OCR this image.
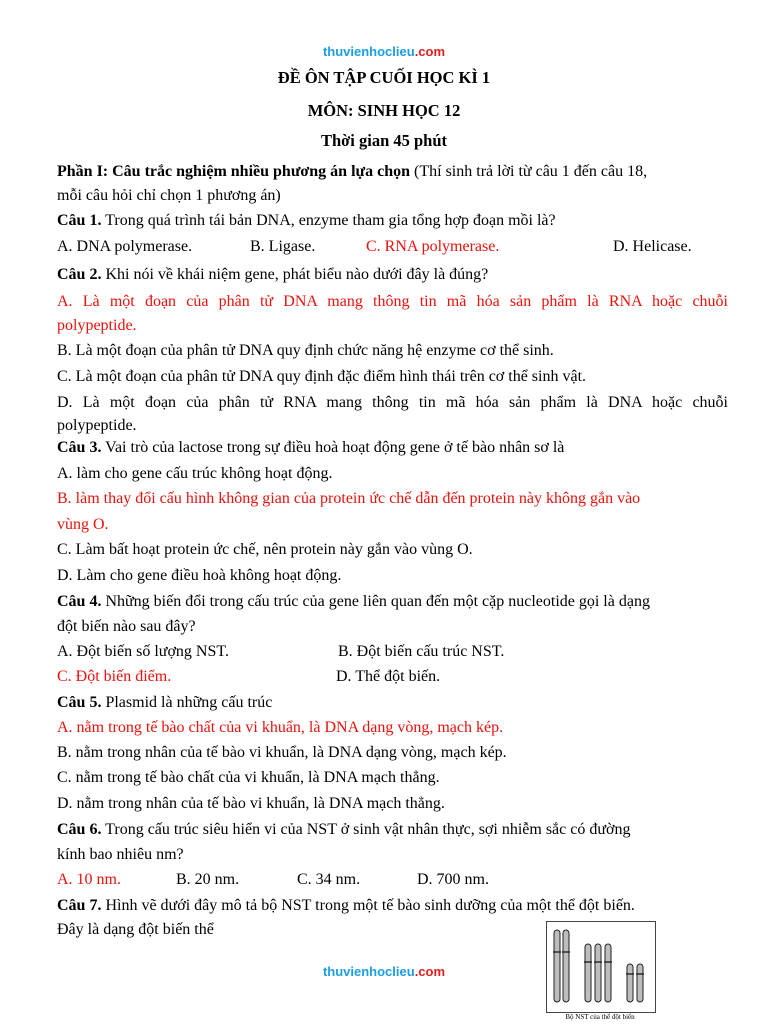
thuvienhoclieu.com
ĐỀ ÔN TẬP CUỐI HỌC KÌ 1
MÔN: SINH HỌC 12
Thời gian 45 phút
Phần I: Câu trắc nghiệm nhiều phương án lựa chọn (Thí sinh trả lời từ câu 1 đến câu 18,
mỗi câu hỏi chỉ chọn 1 phương án)
Câu 1. Trong quá trình tái bản DNA, enzyme tham gia tổng hợp đoạn mồi là?
A. DNA polymerase.	B. Ligase.	C. RNA polymerase.	D. Helicase.
Câu 2. Khi nói về khái niệm gene, phát biểu nào dưới đây là đúng?
A. Là một đoạn của phân tử DNA mang thông tin mã hóa sản phẩm là RNA hoặc chuỗi
polypeptide.
B. Là một đoạn của phân tử DNA quy định chức năng hệ enzyme cơ thể sinh.
C. Là một đoạn của phân tử DNA quy định đặc điểm hình thái trên cơ thể sinh vật.
D. Là một đoạn của phân tử RNA mang thông tin mã hóa sản phẩm là DNA hoặc chuỗi
polypeptide.
Câu 3. Vai trò của lactose trong sự điều hoà hoạt động gene ở tế bào nhân sơ là
A. làm cho gene cấu trúc không hoạt động.
B. làm thay đổi cấu hình không gian của protein ức chế dẫn đến protein này không gắn vào
vùng O.
C. Làm bất hoạt protein ức chế, nên protein này gắn vào vùng O.
D. Làm cho gene điều hoà không hoạt động.
Câu 4. Những biến đổi trong cấu trúc của gene liên quan đến một cặp nucleotide gọi là dạng
đột biến nào sau đây?
A. Đột biến số lượng NST.	B. Đột biến cấu trúc NST.
C. Đột biến điểm.	D. Thể đột biến.
Câu 5. Plasmid là những cấu trúc
A. nằm trong tế bào chất của vi khuẩn, là DNA dạng vòng, mạch kép.
B. nằm trong nhân của tế bào vi khuẩn, là DNA dạng vòng, mạch kép.
C. nằm trong tế bào chất của vi khuẩn, là DNA mạch thẳng.
D. nằm trong nhân của tế bào vi khuẩn, là DNA mạch thẳng.
Câu 6. Trong cấu trúc siêu hiển vi của NST ở sinh vật nhân thực, sợi nhiễm sắc có đường
kính bao nhiêu nm?
A. 10 nm.	B. 20 nm.	C. 34 nm.	D. 700 nm.
Câu 7. Hình vẽ dưới đây mô tả bộ NST trong một tế bào sinh dưỡng của một thể đột biến.
Đây là dạng đột biến thể
Bộ NST của thể đột biến
thuvienhoclieu.com
